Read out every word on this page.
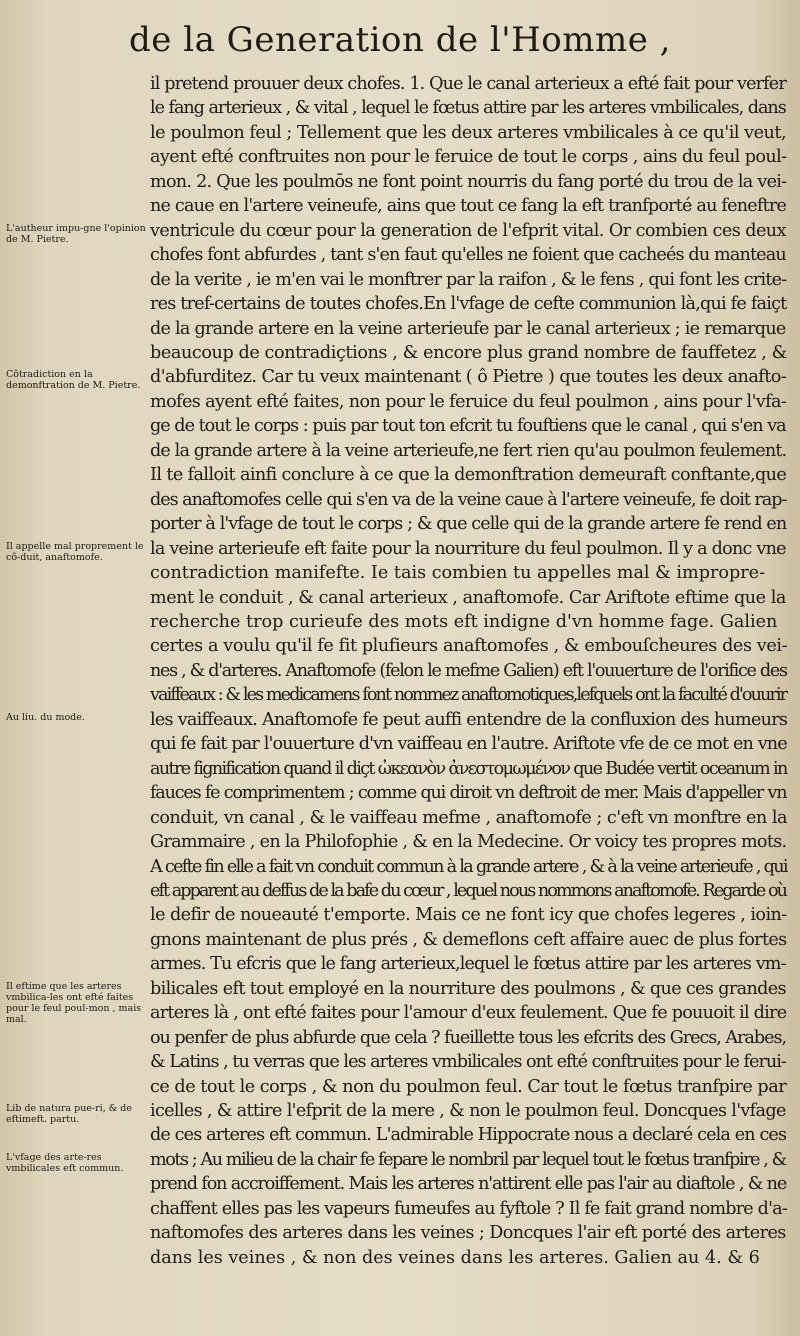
de la Generation de l'Homme ,
il pretend prouuer deux chofes. 1. Que le canal arterieux a efté fait pour verfer
le fang arterieux , & vital , lequel le fœtus attire par les arteres vmbilicales, dans
le poulmon feul ; Tellement que les deux arteres vmbilicales à ce qu'il veut,
ayent efté conftruites non pour le feruice de tout le corps , ains du feul poul-
mon. 2. Que les poulmōs ne font point nourris du fang porté du trou de la vei-
ne caue en l'artere veineufe, ains que tout ce fang la eft tranfporté au feneftre
ventricule du cœur pour la generation de l'efprit vital. Or combien ces deux
chofes font abfurdes , tant s'en faut qu'elles ne foient que cacheés du manteau
de la verite , ie m'en vai le monftrer par la raifon , & le fens , qui font les crite-
res tref-certains de toutes chofes.En l'vfage de cefte communion là,qui fe faiçt
de la grande artere en la veine arterieufe par le canal arterieux ; ie remarque
beaucoup de contradiçtions , & encore plus grand nombre de fauffetez , &
d'abfurditez. Car tu veux maintenant ( ô Pietre ) que toutes les deux anafto-
mofes ayent efté faites, non pour le feruice du feul poulmon , ains pour l'vfa-
ge de tout le corps : puis par tout ton efcrit tu fouftiens que le canal , qui s'en va
de la grande artere à la veine arterieufe,ne fert rien qu'au poulmon feulement.
Il te falloit ainfi conclure à ce que la demonftration demeuraft conftante,que
des anaftomofes celle qui s'en va de la veine caue à l'artere veineufe, fe doit rap-
porter à l'vfage de tout le corps ; & que celle qui de la grande artere fe rend en
la veine arterieufe eft faite pour la nourriture du feul poulmon. Il y a donc vne
contradiction manifefte. Ie tais combien tu appelles mal & impropre-
ment le conduit , & canal arterieux , anaftomofe. Car Ariftote eftime que la
recherche trop curieufe des mots eft indigne d'vn homme fage. Galien
certes a voulu qu'il fe fit plufieurs anaftomofes , & embouſcheures des vei-
nes , & d'arteres. Anaftomofe (felon le mefme Galien) eft l'ouuerture de l'orifice des
vaiffeaux : & les medicamens font nommez anaftomotiques,lefquels ont la faculté d'ouurir
les vaiffeaux. Anaftomofe fe peut auffi entendre de la confluxion des humeurs
qui fe fait par l'ouuerture d'vn vaiffeau en l'autre. Ariftote vfe de ce mot en vne
autre fignification quand il diçt ὠκεανὸν ἀνεστομωμένον que Budée vertit oceanum in
fauces fe comprimentem ; comme qui diroit vn deftroit de mer. Mais d'appeller vn
conduit, vn canal , & le vaiffeau mefme , anaftomofe ; c'eft vn monftre en la
Grammaire , en la Philofophie , & en la Medecine. Or voicy tes propres mots.
A cefte fin elle a fait vn conduit commun à la grande artere , & à la veine arterieufe , qui
eft apparent au deffus de la bafe du cœur , lequel nous nommons anaftomofe. Regarde où
le defir de noueauté t'emporte. Mais ce ne font icy que chofes legeres , ioin-
gnons maintenant de plus prés , & demeflons ceft affaire auec de plus fortes
armes. Tu efcris que le fang arterieux,lequel le fœtus attire par les arteres vm-
bilicales eft tout employé en la nourriture des poulmons , & que ces grandes
arteres là , ont efté faites pour l'amour d'eux feulement. Que fe pouuoit il dire
ou penfer de plus abfurde que cela ? fueillette tous les efcrits des Grecs, Arabes,
& Latins , tu verras que les arteres vmbilicales ont efté conftruites pour le ferui-
ce de tout le corps , & non du poulmon feul. Car tout le fœtus tranfpire par
icelles , & attire l'efprit de la mere , & non le poulmon feul. Doncques l'vfage
de ces arteres eft commun. L'admirable Hippocrate nous a declaré cela en ces
mots ; Au milieu de la chair fe fepare le nombril par lequel tout le fœtus tranfpire , &
prend fon accroiffement. Mais les arteres n'attirent elle pas l'air au diaftole , & ne
chaffent elles pas les vapeurs fumeufes au fyftole ? Il fe fait grand nombre d'a-
naftomofes des arteres dans les veines ; Doncques l'air eft porté des arteres
dans les veines , & non des veines dans les arteres. Galien au 4. & 6
L'autheur impu-gne l'opinion de M. Pietre.
Cõtradiction en la demonftration de M. Pietre.
Il appelle mal proprement le cõ-duit, anaftomofe.
Au liu. du mode.
Il eftime que les arteres vmbilica-les ont efté faites pour le feul poul-mon , mais mal.
Lib de natura pue-ri, & de eftimeft. partu.
L'vfage des arte-res vmbilicales eft commun.
